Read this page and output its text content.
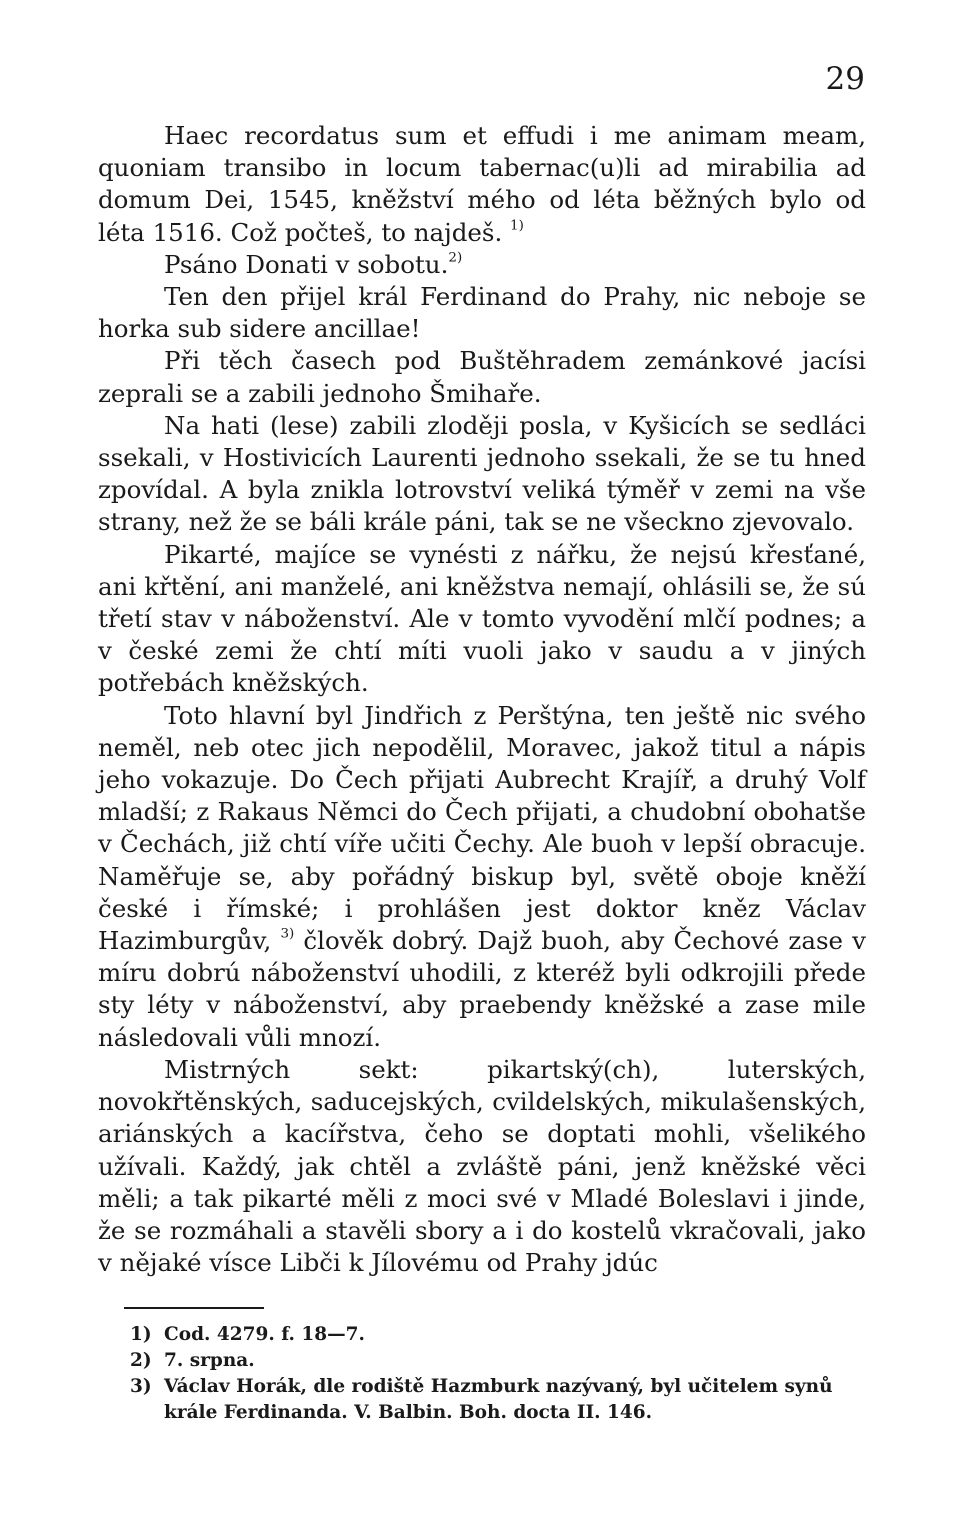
29

Haec recordatus sum et effudi i me animam meam, quoniam transibo in locum tabernac(u)li ad mirabilia ad domum Dei, 1545, kněžství mého od léta běžných bylo od léta 1516. Což počteš, to najdeš. $^{1)}$

Psáno Donati v sobotu.$^{2)}$

Ten den přijel král Ferdinand do Prahy, nic neboje se horka sub sidere ancillae!

Při těch časech pod Buštěhradem zemánkové jacísi zeprali se a zabili jednoho Šmihaře.

Na hati (lese) zabili zloději posla, v Kyšicích se sedláci ssekali, v Hostivicích Laurenti jednoho ssekali, že se tu hned zpovídal. A byla znikla lotrovství veliká týměř v zemi na vše strany, než že se báli krále páni, tak se ne všeckno zjevovalo.

Pikarté, majíce se vynésti z nářku, že nejsú křesťané, ani křtění, ani manželé, ani kněžstva nemají, ohlásili se, že sú třetí stav v náboženství. Ale v tomto vyvodění mlčí podnes; a v české zemi že chtí míti vuoli jako v saudu a v jiných potřebách kněžských.

Toto hlavní byl Jindřich z Perštýna, ten ještě nic svého neměl, neb otec jich nepodělil, Moravec, jakož titul a nápis jeho vokazuje. Do Čech přijati Aubrecht Krajíř, a druhý Volf mladší; z Rakaus Němci do Čech přijati, a chudobní obohatše v Čechách, již chtí víře učiti Čechy. Ale buoh v lepší obracuje. Naměřuje se, aby pořádný biskup byl, světě oboje kněží české i římské; i prohlášen jest doktor kněz Václav Hazimburgův, $^{3)}$ člověk dobrý. Dajž buoh, aby Čechové zase v míru dobrú náboženství uhodili, z kteréž byli odkrojili přede sty léty v náboženství, aby praebendy kněžské a zase mile následovali vůli mnozí.

Mistrných sekt: pikartský(ch), luterských, novokřtěnských, saducejských, cvildelských, mikulašenských, ariánských a kacířstva, čeho se doptati mohli, všelikého užívali. Každý, jak chtěl a zvláště páni, jenž kněžské věci měli; a tak pikarté měli z moci své v Mladé Boleslavi i jinde, že se rozmáhali a stavěli sbory a i do kostelů vkračovali, jako v nějaké vísce Libči k Jílovému od Prahy jdúc

1) Cod. 4279. f. 18—7.
2) 7. srpna.
3) Václav Horák, dle rodiště Hazmburk nazývaný, byl učitelem synů krále Ferdinanda. V. Balbin. Boh. docta II. 146.
